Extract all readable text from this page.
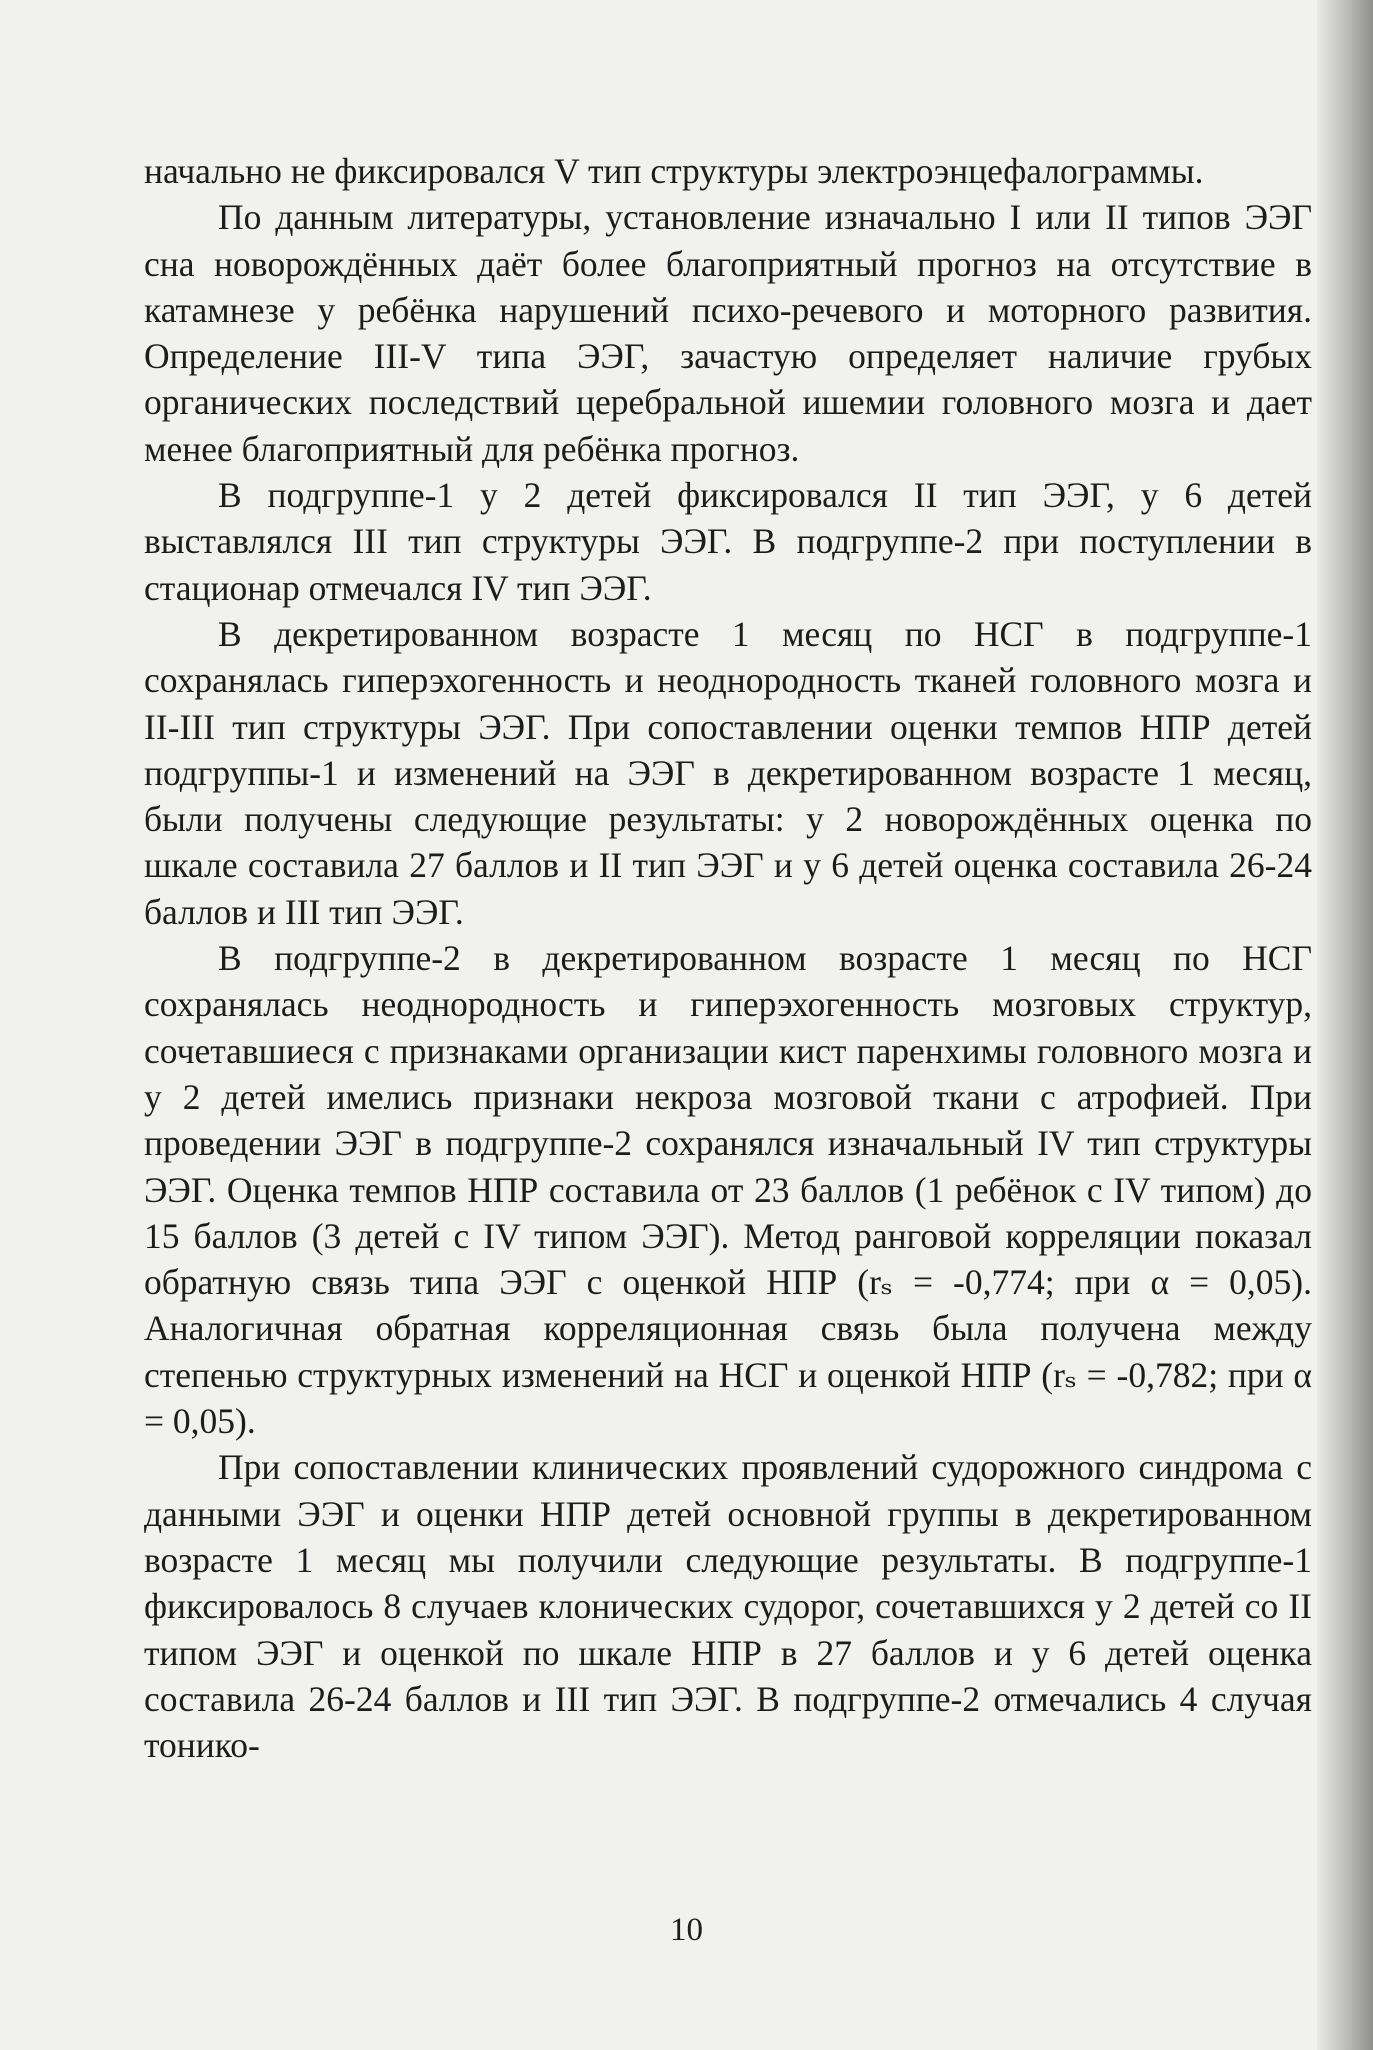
начально не фиксировался V тип структуры электроэнцефалограммы.

По данным литературы, установление изначально I или II типов ЭЭГ сна новорождённых даёт более благоприятный прогноз на отсутствие в катамнезе у ребёнка нарушений психо-речевого и моторного развития. Определение III-V типа ЭЭГ, зачастую определяет наличие грубых органических последствий церебральной ишемии головного мозга и дает менее благоприятный для ребёнка прогноз.

В подгруппе-1 у 2 детей фиксировался II тип ЭЭГ, у 6 детей выставлялся III тип структуры ЭЭГ. В подгруппе-2 при поступлении в стационар отмечался IV тип ЭЭГ.

В декретированном возрасте 1 месяц по НСГ в подгруппе-1 сохранялась гиперэхогенность и неоднородность тканей головного мозга и II-III тип структуры ЭЭГ. При сопоставлении оценки темпов НПР детей подгруппы-1 и изменений на ЭЭГ в декретированном возрасте 1 месяц, были получены следующие результаты: у 2 новорождённых оценка по шкале составила 27 баллов и II тип ЭЭГ и у 6 детей оценка составила 26-24 баллов и III тип ЭЭГ.

В подгруппе-2 в декретированном возрасте 1 месяц по НСГ сохранялась неоднородность и гиперэхогенность мозговых структур, сочетавшиеся с признаками организации кист паренхимы головного мозга и у 2 детей имелись признаки некроза мозговой ткани с атрофией. При проведении ЭЭГ в подгруппе-2 сохранялся изначальный IV тип структуры ЭЭГ. Оценка темпов НПР составила от 23 баллов (1 ребёнок с IV типом) до 15 баллов (3 детей с IV типом ЭЭГ). Метод ранговой корреляции показал обратную связь типа ЭЭГ с оценкой НПР (rₛ = -0,774; при α = 0,05). Аналогичная обратная корреляционная связь была получена между степенью структурных изменений на НСГ и оценкой НПР (rₛ = -0,782; при α = 0,05).

При сопоставлении клинических проявлений судорожного синдрома с данными ЭЭГ и оценки НПР детей основной группы в декретированном возрасте 1 месяц мы получили следующие результаты. В подгруппе-1 фиксировалось 8 случаев клонических судорог, сочетавшихся у 2 детей со II типом ЭЭГ и оценкой по шкале НПР в 27 баллов и у 6 детей оценка составила 26-24 баллов и III тип ЭЭГ. В подгруппе-2 отмечались 4 случая тонико-

10
